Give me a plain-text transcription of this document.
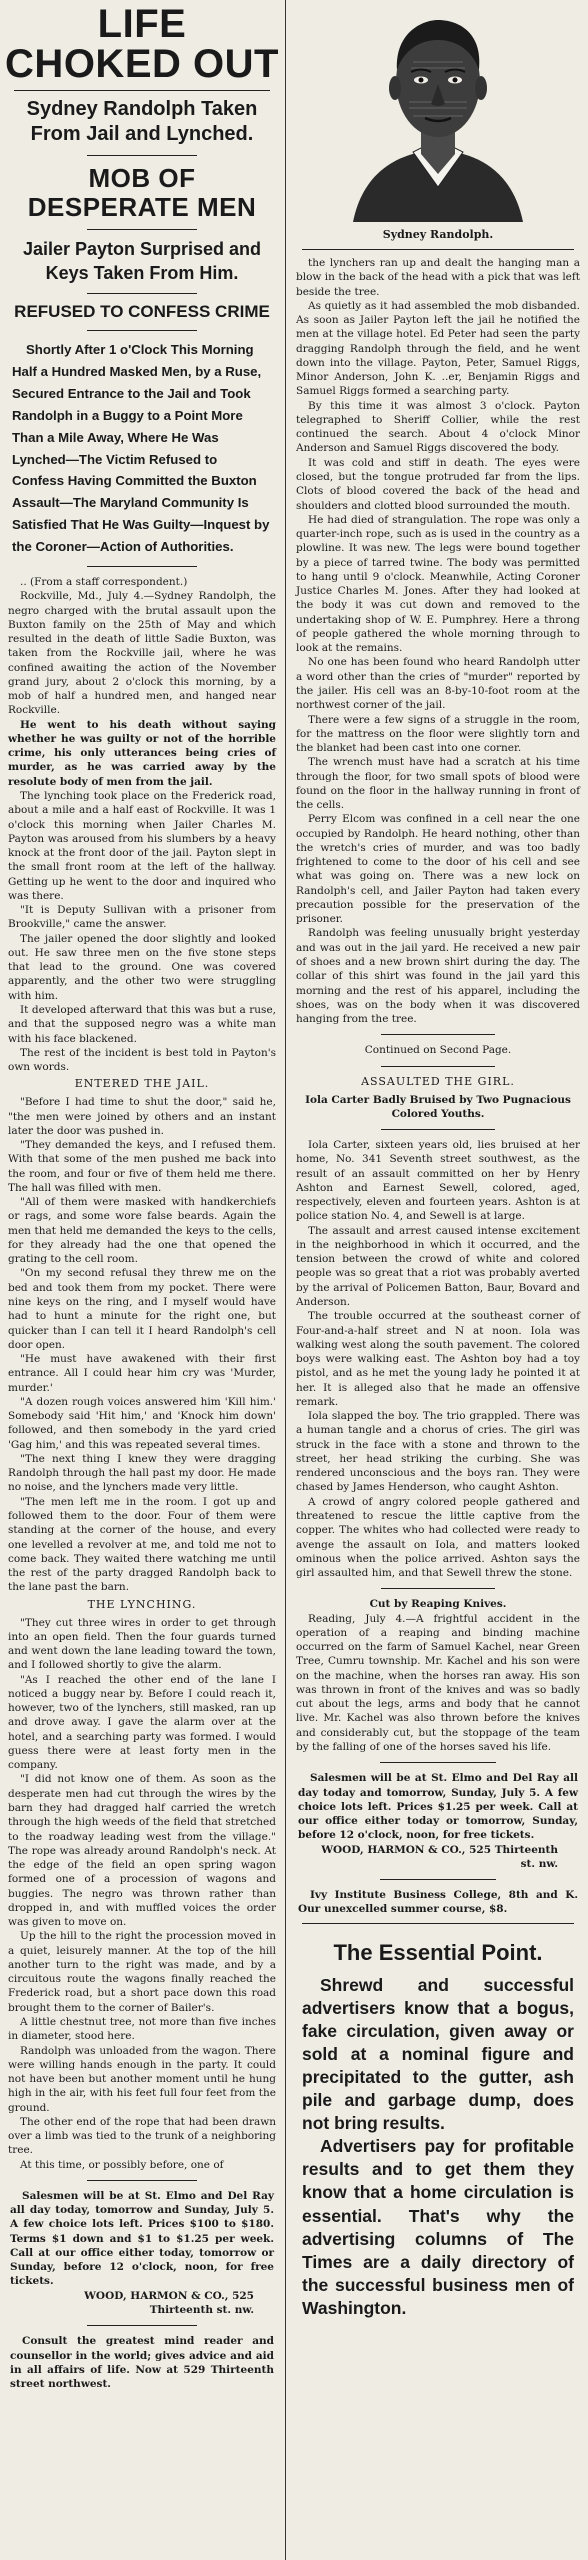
LIFE CHOKED OUT
Sydney Randolph Taken From Jail and Lynched.
MOB OF DESPERATE MEN
Jailer Payton Surprised and Keys Taken From Him.
REFUSED TO CONFESS CRIME
Shortly After 1 o'Clock This Morning Half a Hundred Masked Men, by a Ruse, Secured Entrance to the Jail and Took Randolph in a Buggy to a Point More Than a Mile Away, Where He Was Lynched—The Victim Refused to Confess Having Committed the Buxton Assault—The Maryland Community Is Satisfied That He Was Guilty—Inquest by the Coroner—Action of Authorities.

.. (From a staff correspondent.)

Rockville, Md., July 4.—Sydney Randolph, the negro charged with the brutal assault upon the Buxton family on the 25th of May and which resulted in the death of little Sadie Buxton, was taken from the Rockville jail, where he was confined awaiting the action of the November grand jury, about 2 o'clock this morning, by a mob of half a hundred men, and hanged near Rockville.

He went to his death without saying whether he was guilty or not of the horrible crime, his only utterances being cries of murder, as he was carried away by the resolute body of men from the jail.

The lynching took place on the Frederick road, about a mile and a half east of Rockville. It was 1 o'clock this morning when Jailer Charles M. Payton was aroused from his slumbers by a heavy knock at the front door of the jail. Payton slept in the small front room at the left of the hallway. Getting up he went to the door and inquired who was there.

"It is Deputy Sullivan with a prisoner from Brookville," came the answer.

The jailer opened the door slightly and looked out. He saw three men on the five stone steps that lead to the ground. One was covered apparently, and the other two were struggling with him.

It developed afterward that this was but a ruse, and that the supposed negro was a white man with his face blackened.

The rest of the incident is best told in Payton's own words.

ENTERED THE JAIL.

"Before I had time to shut the door," said he, "the men were joined by others and an instant later the door was pushed in.

"They demanded the keys, and I refused them. With that some of the men pushed me back into the room, and four or five of them held me there. The hall was filled with men.

"All of them were masked with handkerchiefs or rags, and some wore false beards. Again the men that held me demanded the keys to the cells, for they already had the one that opened the grating to the cell room.

"On my second refusal they threw me on the bed and took them from my pocket. There were nine keys on the ring, and I myself would have had to hunt a minute for the right one, but quicker than I can tell it I heard Randolph's cell door open.

"He must have awakened with their first entrance. All I could hear him cry was 'Murder, murder.'

"A dozen rough voices answered him 'Kill him.' Somebody said 'Hit him,' and 'Knock him down' followed, and then somebody in the yard cried 'Gag him,' and this was repeated several times.

"The next thing I knew they were dragging Randolph through the hall past my door. He made no noise, and the lynchers made very little.

"The men left me in the room. I got up and followed them to the door. Four of them were standing at the corner of the house, and every one levelled a revolver at me, and told me not to come back. They waited there watching me until the rest of the party dragged Randolph back to the lane past the barn.

THE LYNCHING.

"They cut three wires in order to get through into an open field. Then the four guards turned and went down the lane leading toward the town, and I followed shortly to give the alarm.

"As I reached the other end of the lane I noticed a buggy near by. Before I could reach it, however, two of the lynchers, still masked, ran up and drove away. I gave the alarm over at the hotel, and a searching party was formed. I would guess there were at least forty men in the company.

"I did not know one of them. As soon as the desperate men had cut through the wires by the barn they had dragged half carried the wretch through the high weeds of the field that stretched to the roadway leading west from the village." The rope was already around Randolph's neck. At the edge of the field an open spring wagon formed one of a procession of wagons and buggies. The negro was thrown rather than dropped in, and with muffled voices the order was given to move on.

Up the hill to the right the procession moved in a quiet, leisurely manner. At the top of the hill another turn to the right was made, and by a circuitous route the wagons finally reached the Frederick road, but a short pace down this road brought them to the corner of Bailer's.

A little chestnut tree, not more than five inches in diameter, stood here.

Randolph was unloaded from the wagon. There were willing hands enough in the party. It could not have been but another moment until he hung high in the air, with his feet full four feet from the ground.

The other end of the rope that had been drawn over a limb was tied to the trunk of a neighboring tree.

At this time, or possibly before, one of

Salesmen will be at St. Elmo and Del Ray all day today, tomorrow and Sunday, July 5. A few choice lots left. Prices $100 to $180. Terms $1 down and $1 to $1.25 per week. Call at our office either today, tomorrow or Sunday, before 12 o'clock, noon, for free tickets.

WOOD, HARMON & CO., 525 Thirteenth st. nw.

Consult the greatest mind reader and counsellor in the world; gives advice and aid in all affairs of life. Now at 529 Thirteenth street northwest.

Sydney Randolph.

the lynchers ran up and dealt the hanging man a blow in the back of the head with a pick that was left beside the tree.

As quietly as it had assembled the mob disbanded. As soon as Jailer Payton left the jail he notified the men at the village hotel. Ed Peter had seen the party dragging Randolph through the field, and he went down into the village. Payton, Peter, Samuel Riggs, Minor Anderson, John K. ..er, Benjamin Riggs and Samuel Riggs formed a searching party.

By this time it was almost 3 o'clock. Payton telegraphed to Sheriff Collier, while the rest continued the search. About 4 o'clock Minor Anderson and Samuel Riggs discovered the body.

It was cold and stiff in death. The eyes were closed, but the tongue protruded far from the lips. Clots of blood covered the back of the head and shoulders and clotted blood surrounded the mouth.

He had died of strangulation. The rope was only a quarter-inch rope, such as is used in the country as a plowline. It was new. The legs were bound together by a piece of tarred twine. The body was permitted to hang until 9 o'clock. Meanwhile, Acting Coroner Justice Charles M. Jones. After they had looked at the body it was cut down and removed to the undertaking shop of W. E. Pumphrey. Here a throng of people gathered the whole morning through to look at the remains.

No one has been found who heard Randolph utter a word other than the cries of "murder" reported by the jailer. His cell was an 8-by-10-foot room at the northwest corner of the jail.

There were a few signs of a struggle in the room, for the mattress on the floor were slightly torn and the blanket had been cast into one corner.

The wrench must have had a scratch at his time through the floor, for two small spots of blood were found on the floor in the hallway running in front of the cells.

Perry Elcom was confined in a cell near the one occupied by Randolph. He heard nothing, other than the wretch's cries of murder, and was too badly frightened to come to the door of his cell and see what was going on. There was a new lock on Randolph's cell, and Jailer Payton had taken every precaution possible for the preservation of the prisoner.

Randolph was feeling unusually bright yesterday and was out in the jail yard. He received a new pair of shoes and a new brown shirt during the day. The collar of this shirt was found in the jail yard this morning and the rest of his apparel, including the shoes, was on the body when it was discovered hanging from the tree.

Continued on Second Page.

ASSAULTED THE GIRL.

Iola Carter Badly Bruised by Two Pugnacious Colored Youths.

Iola Carter, sixteen years old, lies bruised at her home, No. 341 Seventh street southwest, as the result of an assault committed on her by Henry Ashton and Earnest Sewell, colored, aged, respectively, eleven and fourteen years. Ashton is at police station No. 4, and Sewell is at large.

The assault and arrest caused intense excitement in the neighborhood in which it occurred, and the tension between the crowd of white and colored people was so great that a riot was probably averted by the arrival of Policemen Batton, Baur, Bovard and Anderson.

The trouble occurred at the southeast corner of Four-and-a-half street and N at noon. Iola was walking west along the south pavement. The colored boys were walking east. The Ashton boy had a toy pistol, and as he met the young lady he pointed it at her. It is alleged also that he made an offensive remark.

Iola slapped the boy. The trio grappled. There was a human tangle and a chorus of cries. The girl was struck in the face with a stone and thrown to the street, her head striking the curbing. She was rendered unconscious and the boys ran. They were chased by James Henderson, who caught Ashton.

A crowd of angry colored people gathered and threatened to rescue the little captive from the copper. The whites who had collected were ready to avenge the assault on Iola, and matters looked ominous when the police arrived. Ashton says the girl assaulted him, and that Sewell threw the stone.

Cut by Reaping Knives.

Reading, July 4.—A frightful accident in the operation of a reaping and binding machine occurred on the farm of Samuel Kachel, near Green Tree, Cumru township. Mr. Kachel and his son were on the machine, when the horses ran away. His son was thrown in front of the knives and was so badly cut about the legs, arms and body that he cannot live. Mr. Kachel was also thrown before the knives and considerably cut, but the stoppage of the team by the falling of one of the horses saved his life.

Salesmen will be at St. Elmo and Del Ray all day today and tomorrow, Sunday, July 5. A few choice lots left. Prices $1.25 per week. Call at our office either today or tomorrow, Sunday, before 12 o'clock, noon, for free tickets.

WOOD, HARMON & CO., 525 Thirteenth st. nw.

Ivy Institute Business College, 8th and K. Our unexcelled summer course, $8.

The Essential Point.

Shrewd and successful advertisers know that a bogus, fake circulation, given away or sold at a nominal figure and precipitated to the gutter, ash pile and garbage dump, does not bring results.

Advertisers pay for profitable results and to get them they know that a home circulation is essential. That's why the advertising columns of The Times are a daily directory of the successful business men of Washington.
